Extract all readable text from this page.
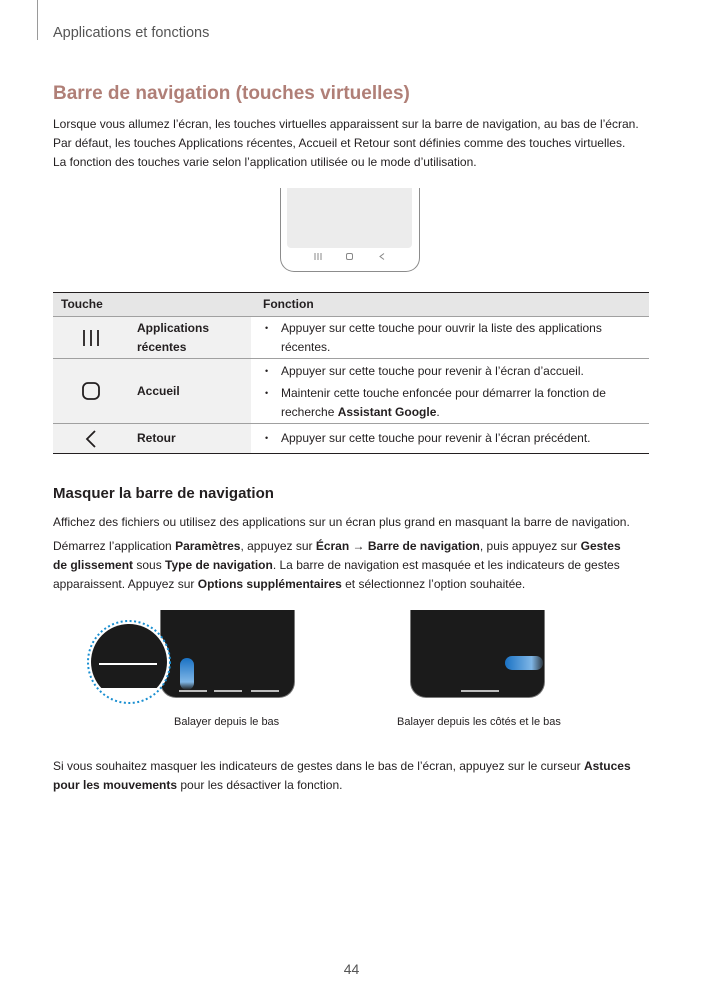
Applications et fonctions
Barre de navigation (touches virtuelles)
Lorsque vous allumez l’écran, les touches virtuelles apparaissent sur la barre de navigation, au bas de l’écran.
Par défaut, les touches Applications récentes, Accueil et Retour sont définies comme des touches virtuelles.
La fonction des touches varie selon l’application utilisée ou le mode d’utilisation.
Touche	Fonction
Applications
récentes
• Appuyer sur cette touche pour ouvrir la liste des applications
récentes.
Accueil
• Appuyer sur cette touche pour revenir à l’écran d’accueil.
• Maintenir cette touche enfoncée pour démarrer la fonction de
recherche Assistant Google.
Retour
•	Appuyer sur cette touche pour revenir à l’écran précédent.
Masquer la barre de navigation
Affichez des fichiers ou utilisez des applications sur un écran plus grand en masquant la barre de navigation.
Démarrez l’application Paramètres, appuyez sur Écran → Barre de navigation, puis appuyez sur Gestes
de glissement sous Type de navigation. La barre de navigation est masquée et les indicateurs de gestes
apparaissent. Appuyez sur Options supplémentaires et sélectionnez l’option souhaitée.
Balayer depuis le bas	Balayer depuis les côtés et le bas
Si vous souhaitez masquer les indicateurs de gestes dans le bas de l’écran, appuyez sur le curseur Astuces
pour les mouvements pour les désactiver la fonction.
44
